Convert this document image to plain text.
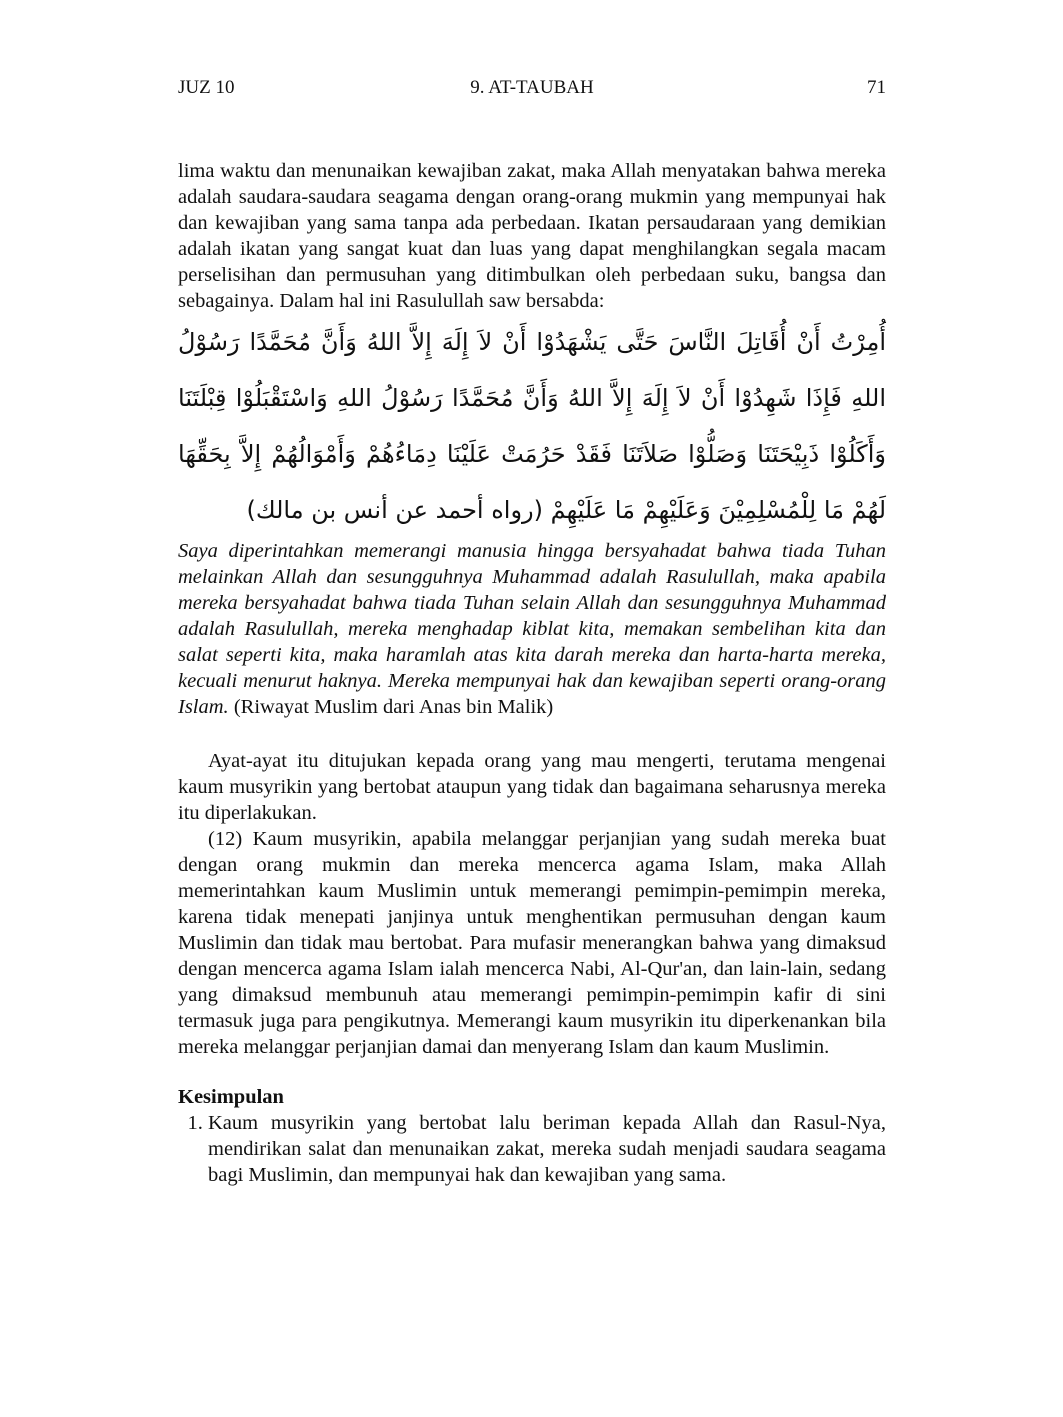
JUZ 10	9. AT-TAUBAH	71

lima waktu dan menunaikan kewajiban zakat, maka Allah menyatakan bahwa mereka adalah saudara-saudara seagama dengan orang-orang mukmin yang mempunyai hak dan kewajiban yang sama tanpa ada perbedaan. Ikatan persaudaraan yang demikian adalah ikatan yang sangat kuat dan luas yang dapat menghilangkan segala macam perselisihan dan permusuhan yang ditimbulkan oleh perbedaan suku, bangsa dan sebagainya. Dalam hal ini Rasulullah saw bersabda:

أُمِرْتُ أَنْ أُقَاتِلَ النَّاسَ حَتَّى يَشْهَدُوْا أَنْ لاَ إِلَهَ إِلاَّ اللهُ وَأَنَّ مُحَمَّدًا رَسُوْلُ اللهِ فَإِذَا شَهِدُوْا أَنْ لاَ إِلَهَ إِلاَّ اللهُ وَأَنَّ مُحَمَّدًا رَسُوْلُ اللهِ وَاسْتَقْبَلُوْا قِبْلَتَنَا وَأَكَلُوْا ذَبِيْحَتَنَا وَصَلُّوْا صَلاَتَنَا فَقَدْ حَرُمَتْ عَلَيْنَا دِمَاءُهُمْ وَأَمْوَالُهُمْ إِلاَّ بِحَقِّهَا لَهُمْ مَا لِلْمُسْلِمِيْنَ وَعَلَيْهِمْ مَا عَلَيْهِمْ (رواه أحمد عن أنس بن مالك)

Saya diperintahkan memerangi manusia hingga bersyahadat bahwa tiada Tuhan melainkan Allah dan sesungguhnya Muhammad adalah Rasulullah, maka apabila mereka bersyahadat bahwa tiada Tuhan selain Allah dan sesungguhnya Muhammad adalah Rasulullah, mereka menghadap kiblat kita, memakan sembelihan kita dan salat seperti kita, maka haramlah atas kita darah mereka dan harta-harta mereka, kecuali menurut haknya. Mereka mempunyai hak dan kewajiban seperti orang-orang Islam. (Riwayat Muslim dari Anas bin Malik)

Ayat-ayat itu ditujukan kepada orang yang mau mengerti, terutama mengenai kaum musyrikin yang bertobat ataupun yang tidak dan bagaimana seharusnya mereka itu diperlakukan.

(12) Kaum musyrikin, apabila melanggar perjanjian yang sudah mereka buat dengan orang mukmin dan mereka mencerca agama Islam, maka Allah memerintahkan kaum Muslimin untuk memerangi pemimpin-pemimpin mereka, karena tidak menepati janjinya untuk menghentikan permusuhan dengan kaum Muslimin dan tidak mau bertobat. Para mufasir menerangkan bahwa yang dimaksud dengan mencerca agama Islam ialah mencerca Nabi, Al-Qur'an, dan lain-lain, sedang yang dimaksud membunuh atau memerangi pemimpin-pemimpin kafir di sini termasuk juga para pengikutnya. Memerangi kaum musyrikin itu diperkenankan bila mereka melanggar perjanjian damai dan menyerang Islam dan kaum Muslimin.

Kesimpulan
1. Kaum musyrikin yang bertobat lalu beriman kepada Allah dan Rasul-Nya, mendirikan salat dan menunaikan zakat, mereka sudah menjadi saudara seagama bagi Muslimin, dan mempunyai hak dan kewajiban yang sama.
